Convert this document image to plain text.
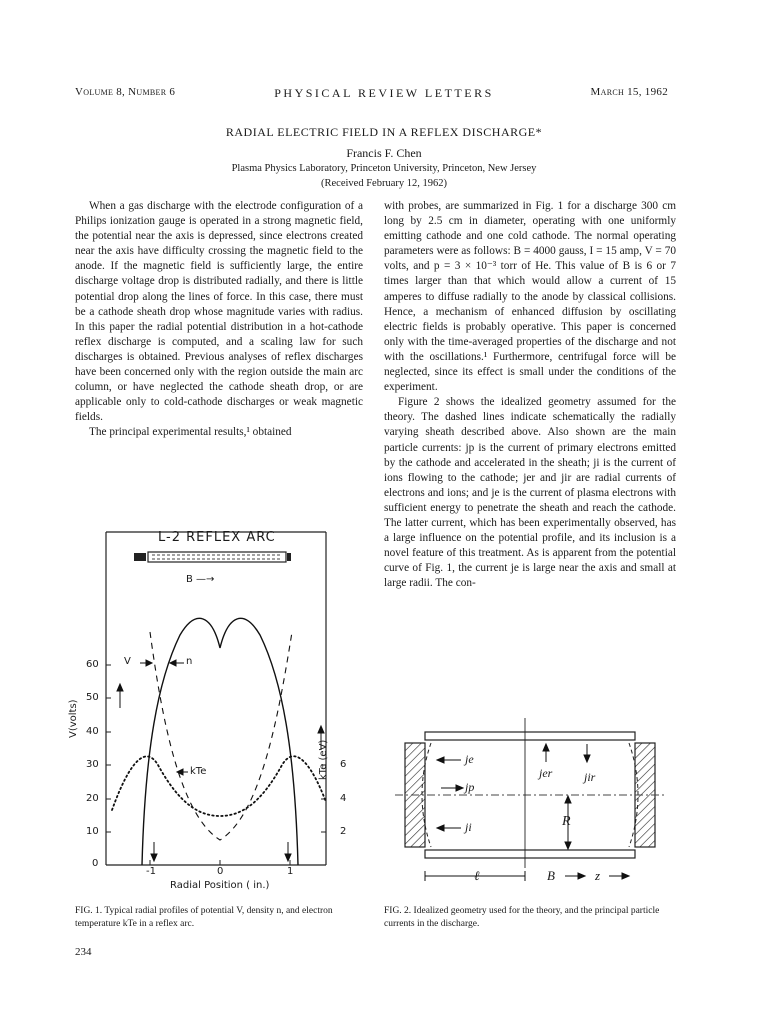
Volume 8, Number 6	PHYSICAL REVIEW LETTERS	March 15, 1962
RADIAL ELECTRIC FIELD IN A REFLEX DISCHARGE*
Francis F. Chen
Plasma Physics Laboratory, Princeton University, Princeton, New Jersey
(Received February 12, 1962)

When a gas discharge with the electrode configuration of a Philips ionization gauge is operated in a strong magnetic field, the potential near the axis is depressed, since electrons created near the axis have difficulty crossing the magnetic field to the anode. If the magnetic field is sufficiently large, the entire discharge voltage drop is distributed radially, and there is little potential drop along the lines of force. In this case, there must be a cathode sheath drop whose magnitude varies with radius. In this paper the radial potential distribution in a hot-cathode reflex discharge is computed, and a scaling law for such discharges is obtained. Previous analyses of reflex discharges have been concerned only with the region outside the main arc column, or have neglected the cathode sheath drop, or are applicable only to cold-cathode discharges or weak magnetic fields.

The principal experimental results,¹ obtained

with probes, are summarized in Fig. 1 for a discharge 300 cm long by 2.5 cm in diameter, operating with one uniformly emitting cathode and one cold cathode. The normal operating parameters were as follows: B = 4000 gauss, I = 15 amp, V = 70 volts, and p = 3 × 10⁻³ torr of He. This value of B is 6 or 7 times larger than that which would allow a current of 15 amperes to diffuse radially to the anode by classical collisions. Hence, a mechanism of enhanced diffusion by oscillating electric fields is probably operative. This paper is concerned only with the time-averaged properties of the discharge and not with the oscillations.¹ Furthermore, centrifugal force will be neglected, since its effect is small under the conditions of the experiment.

Figure 2 shows the idealized geometry assumed for the theory. The dashed lines indicate schematically the radially varying sheath described above. Also shown are the main particle currents: jp is the current of primary electrons emitted by the cathode and accelerated in the sheath; ji is the current of ions flowing to the cathode; jer and jir are radial currents of electrons and ions; and je is the current of plasma electrons with sufficient energy to penetrate the sheath and reach the cathode. The latter current, which has been experimentally observed, has a large influence on the potential profile, and its inclusion is a novel feature of this treatment. As is apparent from the potential curve of Fig. 1, the current je is large near the axis and small at large radii. The con-

L-2 REFLEX ARC
B —→
V	n
kTe
V(volts)
kTe (eV)
Radial Position ( in.)
60
50
40
30
20
10
0
6
4
2
-1	0	1
je
jp
ji
jer	jir
R
ℓ	B	z
FIG. 1. Typical radial profiles of potential V, density n, and electron temperature kTe in a reflex arc.
FIG. 2. Idealized geometry used for the theory, and the principal particle currents in the discharge.
234
